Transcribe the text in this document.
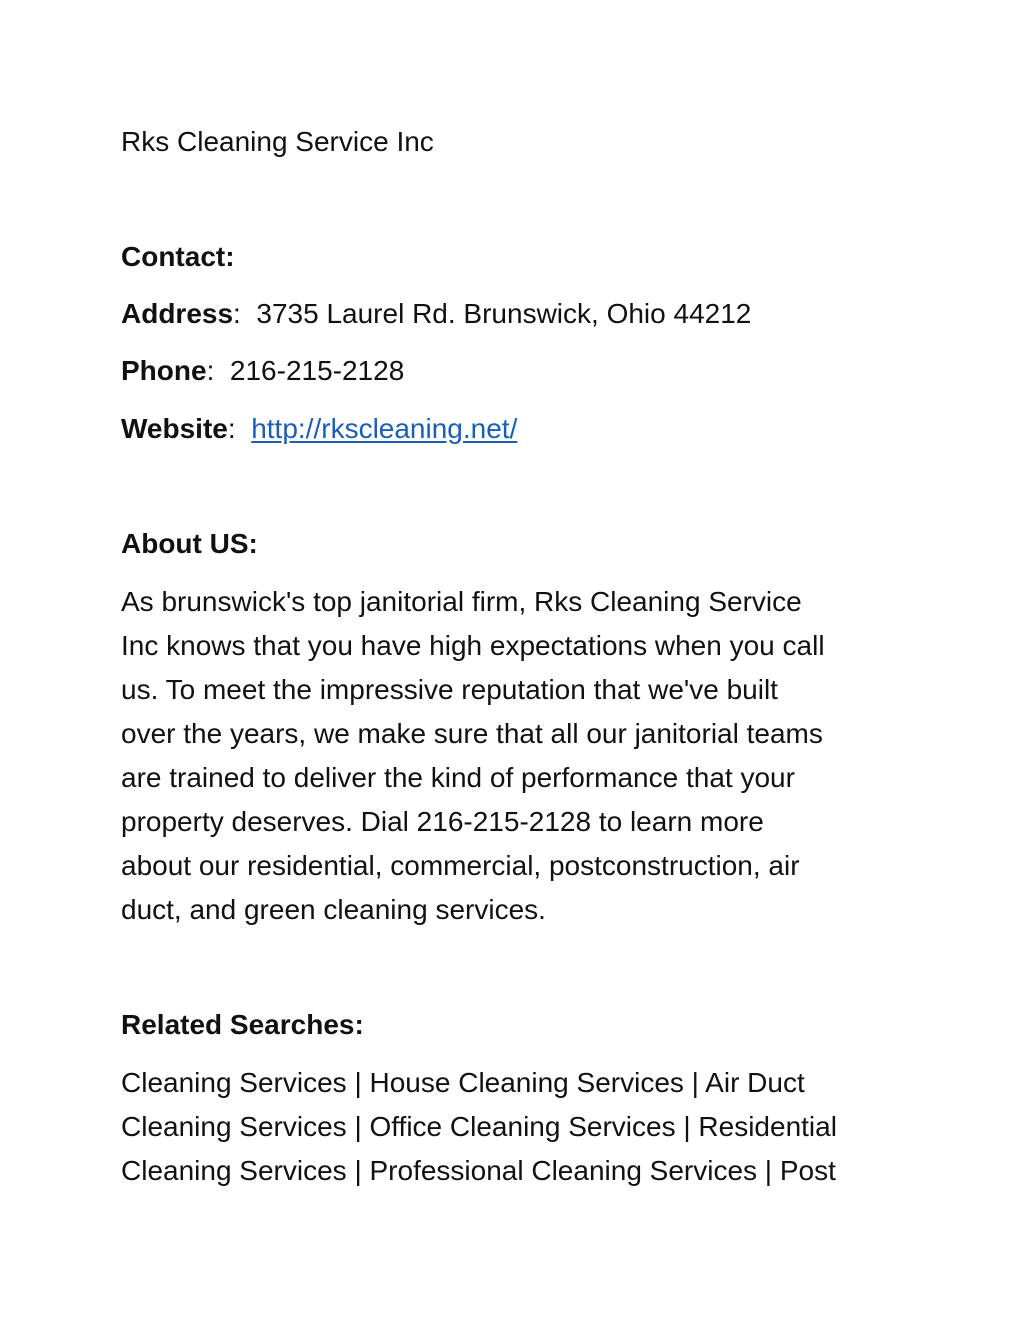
Rks Cleaning Service Inc

Contact:

Address: 3735 Laurel Rd. Brunswick, Ohio 44212

Phone: 216-215-2128

Website: http://rkscleaning.net/

About US:

As brunswick's top janitorial firm, Rks Cleaning Service
Inc knows that you have high expectations when you call
us. To meet the impressive reputation that we've built
over the years, we make sure that all our janitorial teams
are trained to deliver the kind of performance that your
property deserves. Dial 216-215-2128 to learn more
about our residential, commercial, postconstruction, air
duct, and green cleaning services.

Related Searches:

Cleaning Services | House Cleaning Services | Air Duct
Cleaning Services | Office Cleaning Services | Residential
Cleaning Services | Professional Cleaning Services | Post
